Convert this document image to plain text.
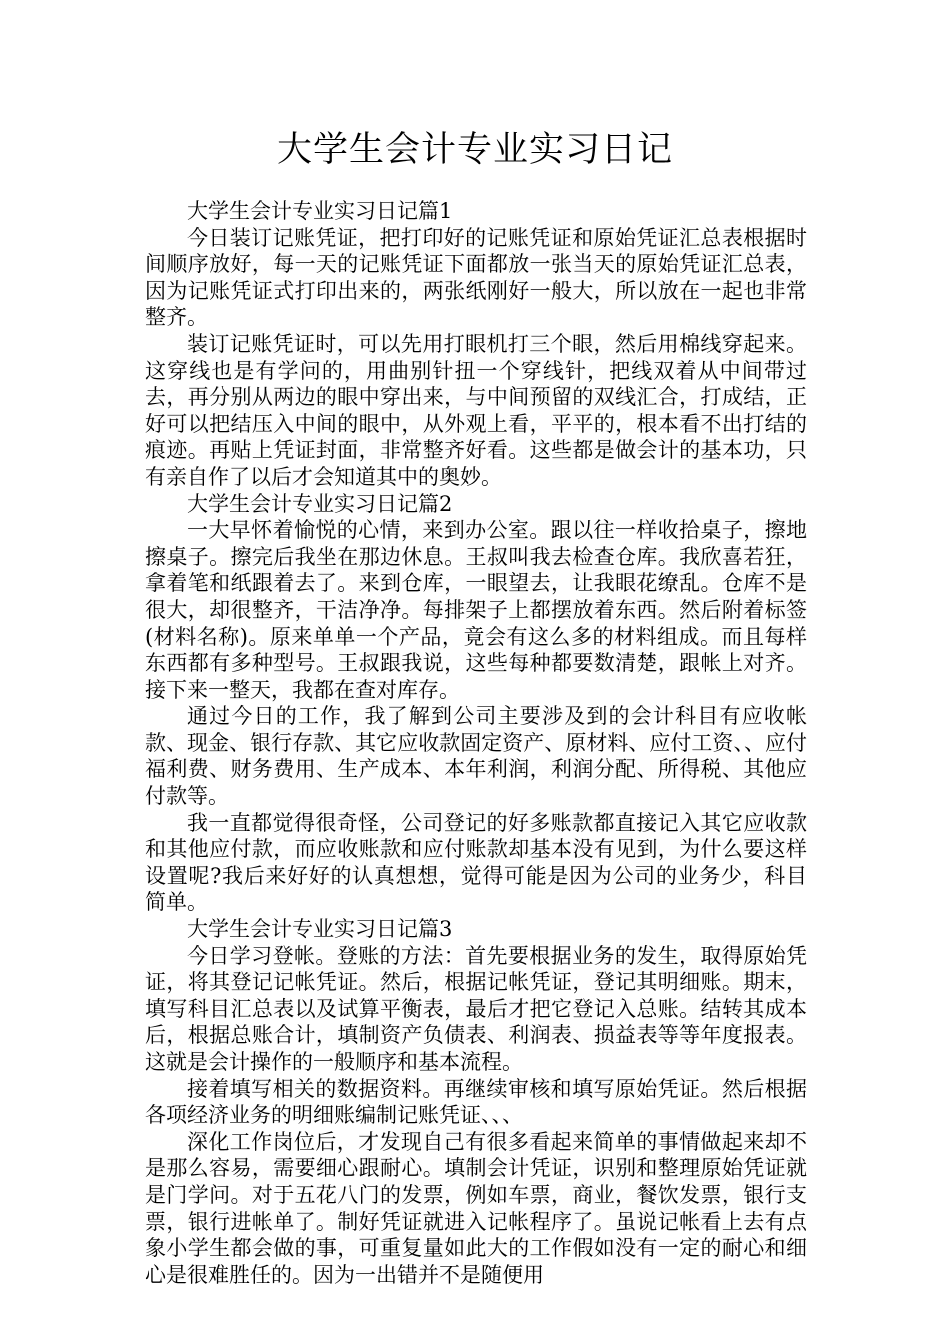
大学生会计专业实习日记

大学生会计专业实习日记篇1

今日装订记账凭证，把打印好的记账凭证和原始凭证汇总表根据时间顺序放好，每一天的记账凭证下面都放一张当天的原始凭证汇总表，因为记账凭证式打印出来的，两张纸刚好一般大，所以放在一起也非常整齐。

装订记账凭证时，可以先用打眼机打三个眼，然后用棉线穿起来。这穿线也是有学问的，用曲别针扭一个穿线针，把线双着从中间带过去，再分别从两边的眼中穿出来，与中间预留的双线汇合，打成结，正好可以把结压入中间的眼中，从外观上看，平平的，根本看不出打结的痕迹。再贴上凭证封面，非常整齐好看。这些都是做会计的基本功，只有亲自作了以后才会知道其中的奥妙。

大学生会计专业实习日记篇2

一大早怀着愉悦的心情，来到办公室。跟以往一样收拾桌子，擦地擦桌子。擦完后我坐在那边休息。王叔叫我去检查仓库。我欣喜若狂，拿着笔和纸跟着去了。来到仓库，一眼望去，让我眼花缭乱。仓库不是很大，却很整齐，干洁净净。每排架子上都摆放着东西。然后附着标签(材料名称)。原来单单一个产品，竟会有这么多的材料组成。而且每样东西都有多种型号。王叔跟我说，这些每种都要数清楚，跟帐上对齐。接下来一整天，我都在查对库存。

通过今日的工作，我了解到公司主要涉及到的会计科目有应收帐款、现金、银行存款、其它应收款固定资产、原材料、应付工资、、应付福利费、财务费用、生产成本、本年利润，利润分配、所得税、其他应付款等。

我一直都觉得很奇怪，公司登记的好多账款都直接记入其它应收款和其他应付款，而应收账款和应付账款却基本没有见到，为什么要这样设置呢?我后来好好的认真想想，觉得可能是因为公司的业务少，科目简单。

大学生会计专业实习日记篇3

今日学习登帐。登账的方法：首先要根据业务的发生，取得原始凭证，将其登记记帐凭证。然后，根据记帐凭证，登记其明细账。期末，填写科目汇总表以及试算平衡表，最后才把它登记入总账。结转其成本后，根据总账合计，填制资产负债表、利润表、损益表等等年度报表。这就是会计操作的一般顺序和基本流程。

接着填写相关的数据资料。再继续审核和填写原始凭证。然后根据各项经济业务的明细账编制记账凭证、、、

深化工作岗位后，才发现自己有很多看起来简单的事情做起来却不是那么容易，需要细心跟耐心。填制会计凭证，识别和整理原始凭证就是门学问。对于五花八门的发票，例如车票，商业，餐饮发票，银行支票，银行进帐单了。制好凭证就进入记帐程序了。虽说记帐看上去有点象小学生都会做的事，可重复量如此大的工作假如没有一定的耐心和细心是很难胜任的。因为一出错并不是随便用
